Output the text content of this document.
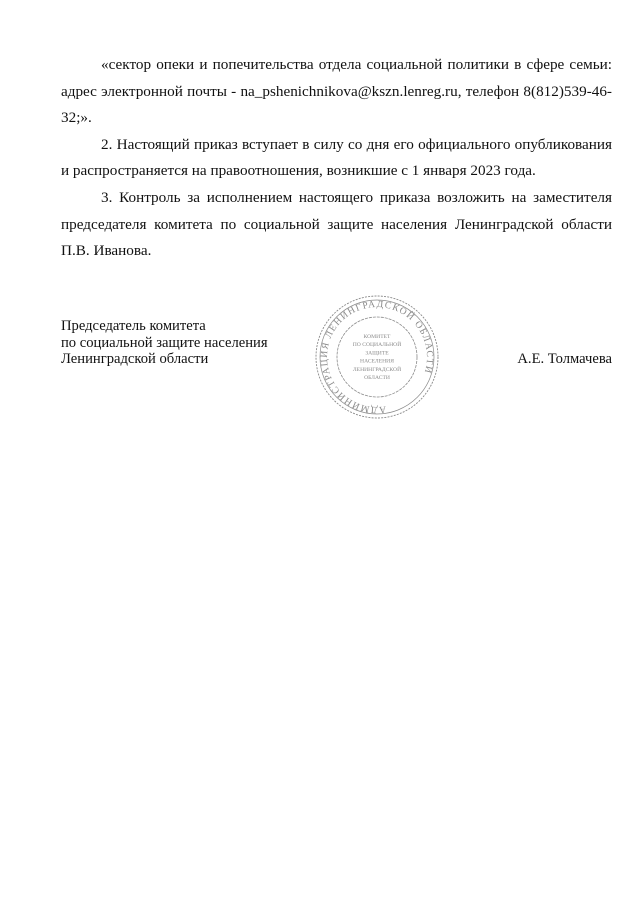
«сектор опеки и попечительства отдела социальной политики в сфере семьи: адрес электронной почты - na_pshenichnikova@kszn.lenreg.ru, телефон 8(812)539-46-32;».

2. Настоящий приказ вступает в силу со дня его официального опубликования и распространяется на правоотношения, возникшие с 1 января 2023 года.

3. Контроль за исполнением настоящего приказа возложить на заместителя председателя комитета по социальной защите населения Ленинградской области П.В. Иванова.

Председатель комитета
по социальной защите населения
Ленинградской области	А.Е. Толмачева
АДМИНИСТРАЦИЯ ЛЕНИНГРАДСКОЙ ОБЛАСТИ
КОМИТЕТ
ПО СОЦИАЛЬНОЙ
ЗАЩИТЕ
НАСЕЛЕНИЯ
ЛЕНИНГРАДСКОЙ
ОБЛАСТИ
